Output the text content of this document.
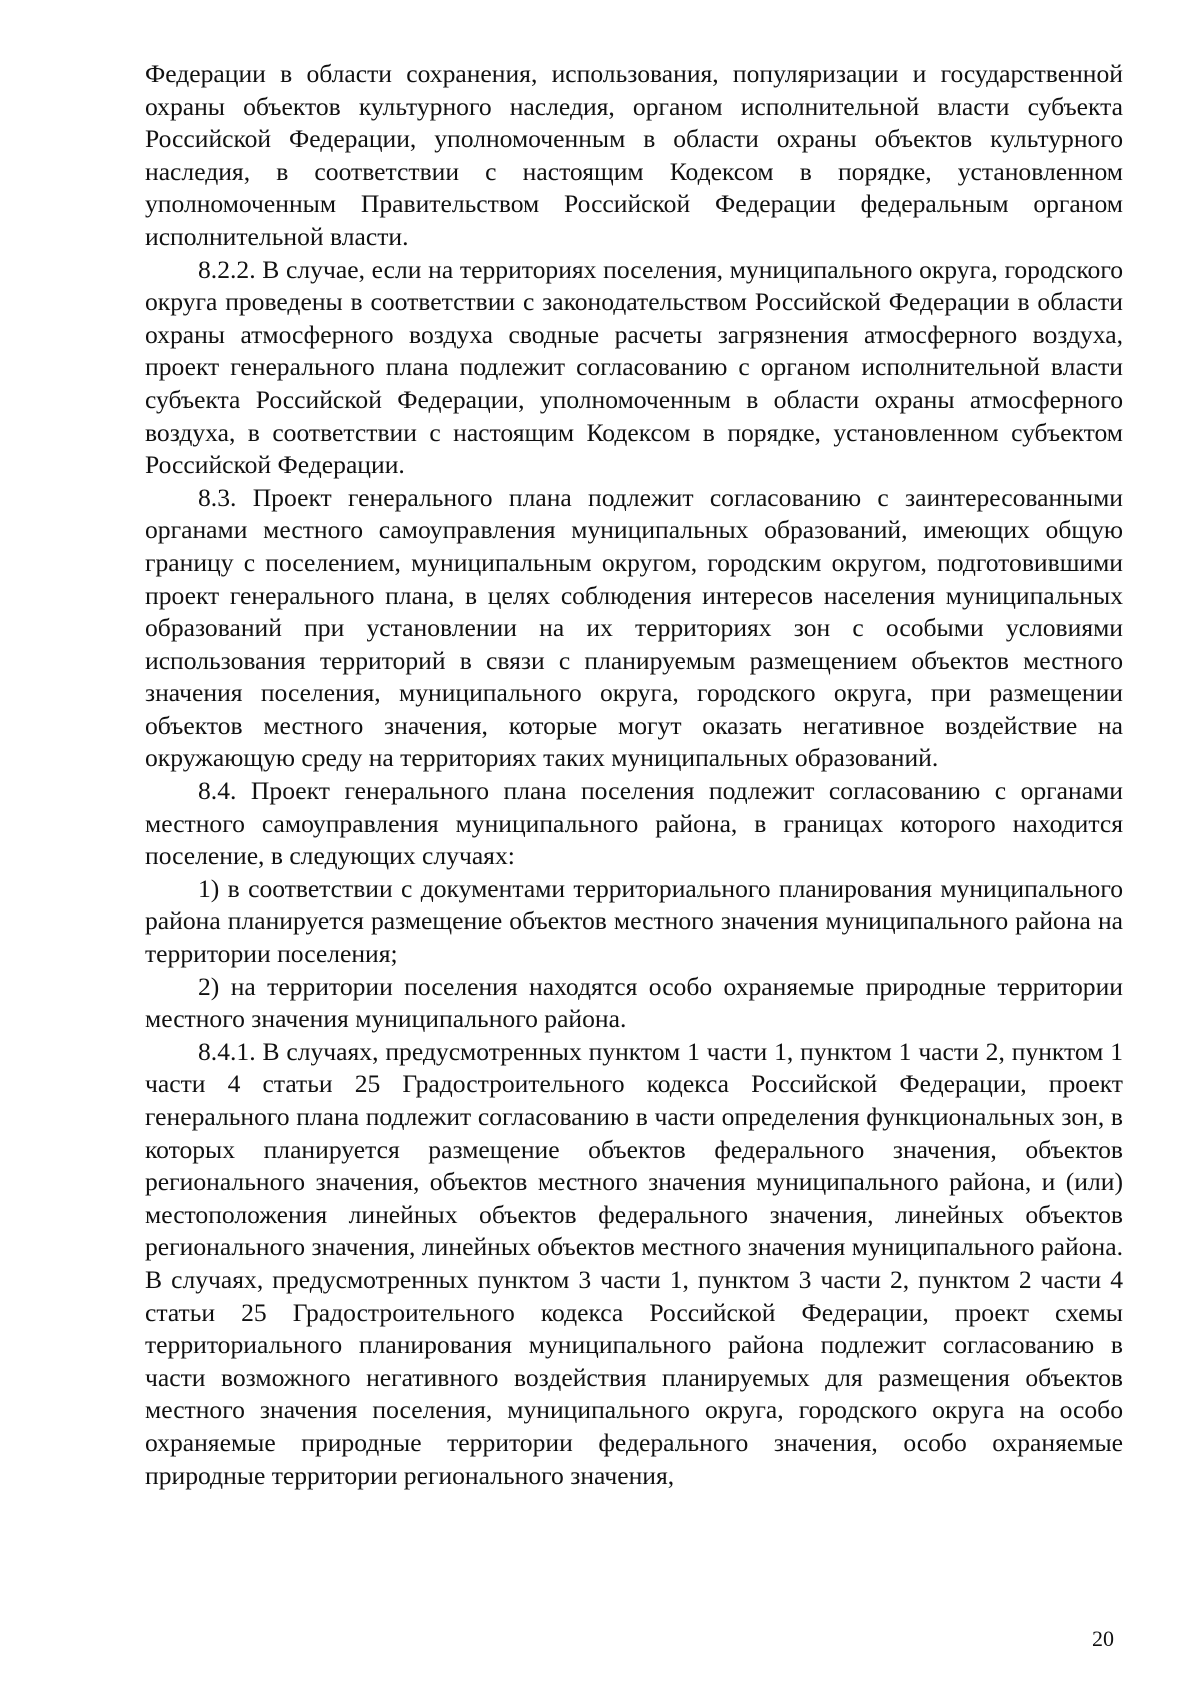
Федерации в области сохранения, использования, популяризации и государственной охраны объектов культурного наследия, органом исполнительной власти субъекта Российской Федерации, уполномоченным в области охраны объектов культурного наследия, в соответствии с настоящим Кодексом в порядке, установленном уполномоченным Правительством Российской Федерации федеральным органом исполнительной власти.

8.2.2. В случае, если на территориях поселения, муниципального округа, городского округа проведены в соответствии с законодательством Российской Федерации в области охраны атмосферного воздуха сводные расчеты загрязнения атмосферного воздуха, проект генерального плана подлежит согласованию с органом исполнительной власти субъекта Российской Федерации, уполномоченным в области охраны атмосферного воздуха, в соответствии с настоящим Кодексом в порядке, установленном субъектом Российской Федерации.

8.3. Проект генерального плана подлежит согласованию с заинтересованными органами местного самоуправления муниципальных образований, имеющих общую границу с поселением, муниципальным округом, городским округом, подготовившими проект генерального плана, в целях соблюдения интересов населения муниципальных образований при установлении на их территориях зон с особыми условиями использования территорий в связи с планируемым размещением объектов местного значения поселения, муниципального округа, городского округа, при размещении объектов местного значения, которые могут оказать негативное воздействие на окружающую среду на территориях таких муниципальных образований.

8.4. Проект генерального плана поселения подлежит согласованию с органами местного самоуправления муниципального района, в границах которого находится поселение, в следующих случаях:

1) в соответствии с документами территориального планирования муниципального района планируется размещение объектов местного значения муниципального района на территории поселения;

2) на территории поселения находятся особо охраняемые природные территории местного значения муниципального района.

8.4.1. В случаях, предусмотренных пунктом 1 части 1, пунктом 1 части 2, пунктом 1 части 4 статьи 25 Градостроительного кодекса Российской Федерации, проект генерального плана подлежит согласованию в части определения функциональных зон, в которых планируется размещение объектов федерального значения, объектов регионального значения, объектов местного значения муниципального района, и (или) местоположения линейных объектов федерального значения, линейных объектов регионального значения, линейных объектов местного значения муниципального района. В случаях, предусмотренных пунктом 3 части 1, пунктом 3 части 2, пунктом 2 части 4 статьи 25 Градостроительного кодекса Российской Федерации, проект схемы территориального планирования муниципального района подлежит согласованию в части возможного негативного воздействия планируемых для размещения объектов местного значения поселения, муниципального округа, городского округа на особо охраняемые природные территории федерального значения, особо охраняемые природные территории регионального значения,

20
